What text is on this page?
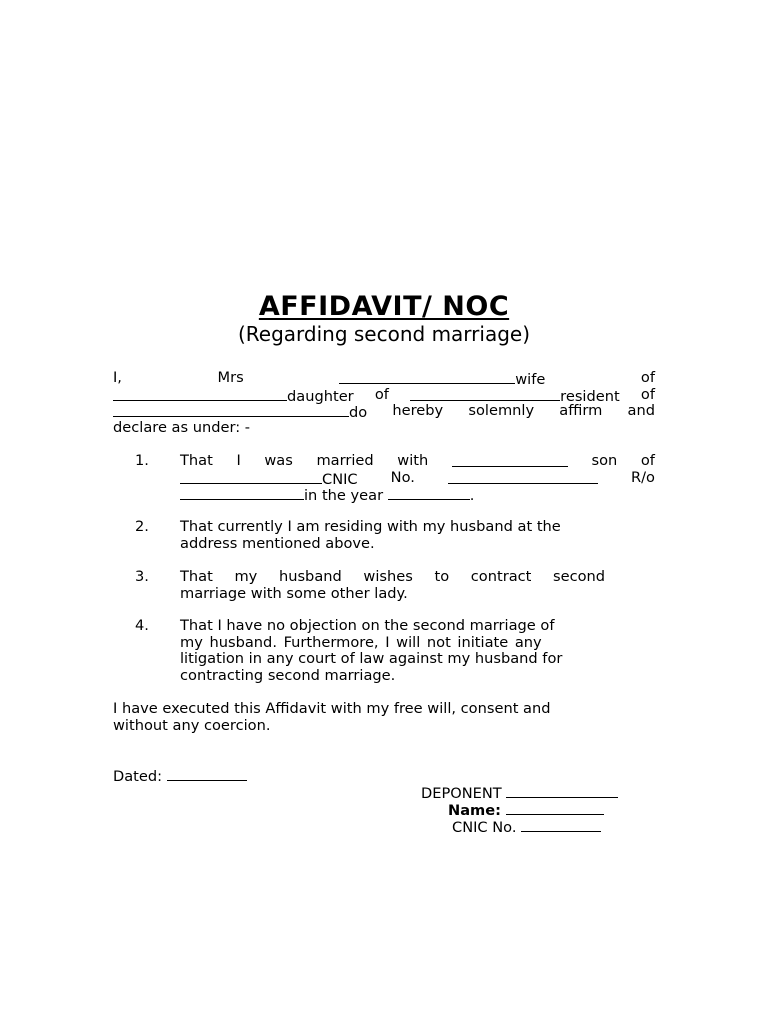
AFFIDAVIT/ NOC
(Regarding second marriage)
I,	Mrs	wife	of
daughter of	resident of
do hereby solemnly affirm and
declare as under: -
1. That I was married with	son of
CNIC No.	R/o
in the year	.
2. That currently I am residing with my husband at the
address mentioned above.
3. That my husband wishes to contract second
marriage with some other lady.
4. That I have no objection on the second marriage of
my husband. Furthermore, I will not initiate any
litigation in any court of law against my husband for
contracting second marriage.
I have executed this Affidavit with my free will, consent and
without any coercion.
Dated:
DEPONENT
Name:
CNIC No.
